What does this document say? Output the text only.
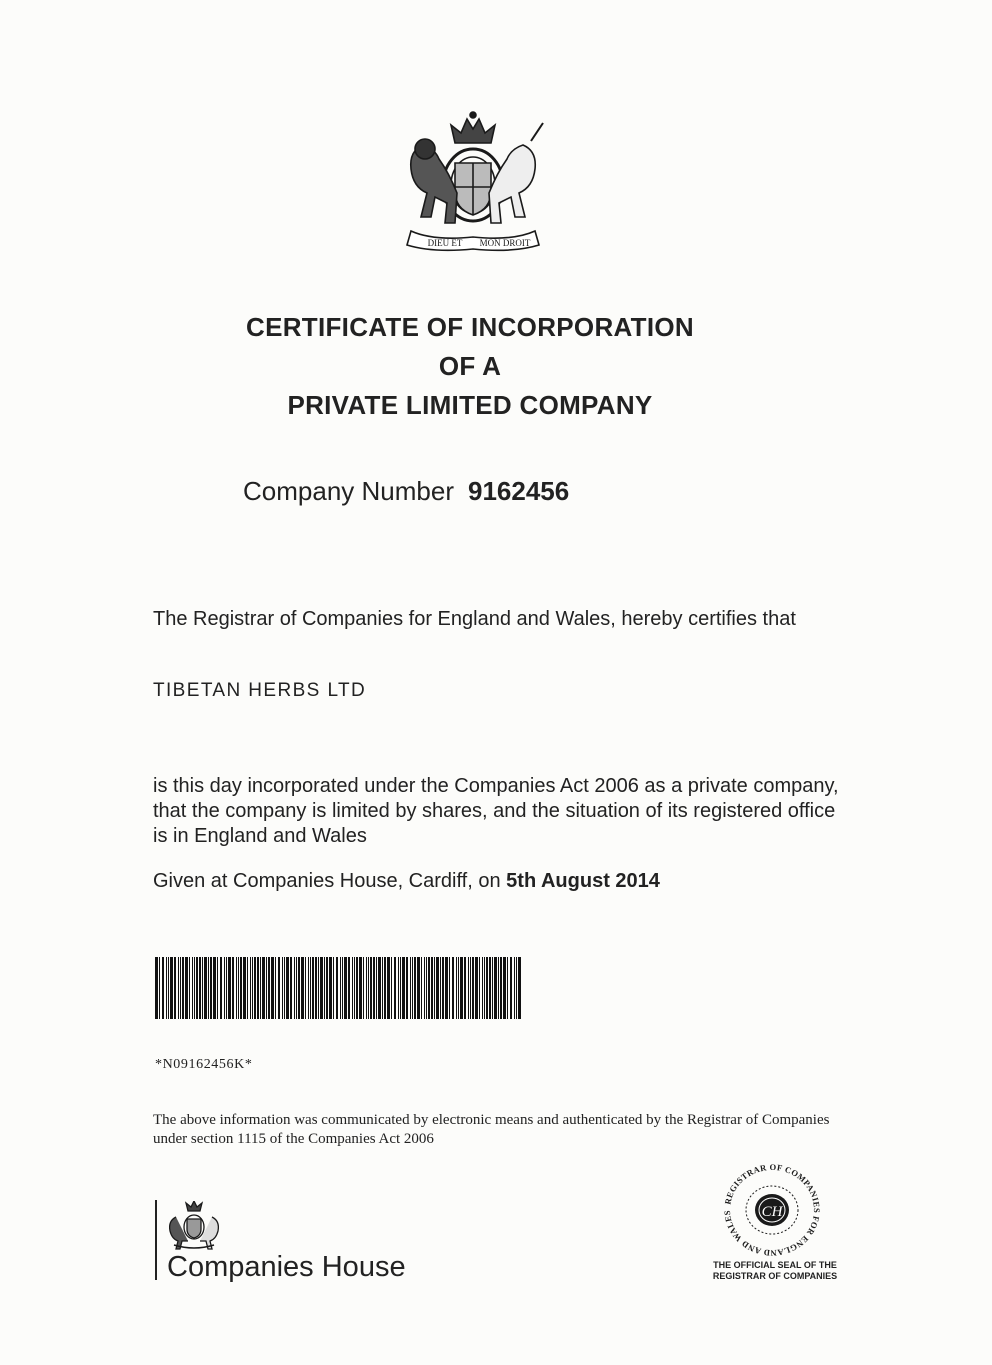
DIEU ET MON DROIT
CERTIFICATE OF INCORPORATION
OF A
PRIVATE LIMITED COMPANY
Company Number 9162456
The Registrar of Companies for England and Wales, hereby certifies that
TIBETAN HERBS LTD
is this day incorporated under the Companies Act 2006 as a private company, that the company is limited by shares, and the situation of its registered office is in England and Wales
Given at Companies House, Cardiff, on 5th August 2014
*N09162456K*
The above information was communicated by electronic means and authenticated by the Registrar of Companies under section 1115 of the Companies Act 2006
Companies House
CH
REGISTRAR OF COMPANIES FOR ENGLAND AND WALES
THE OFFICIAL SEAL OF THE
REGISTRAR OF COMPANIES
